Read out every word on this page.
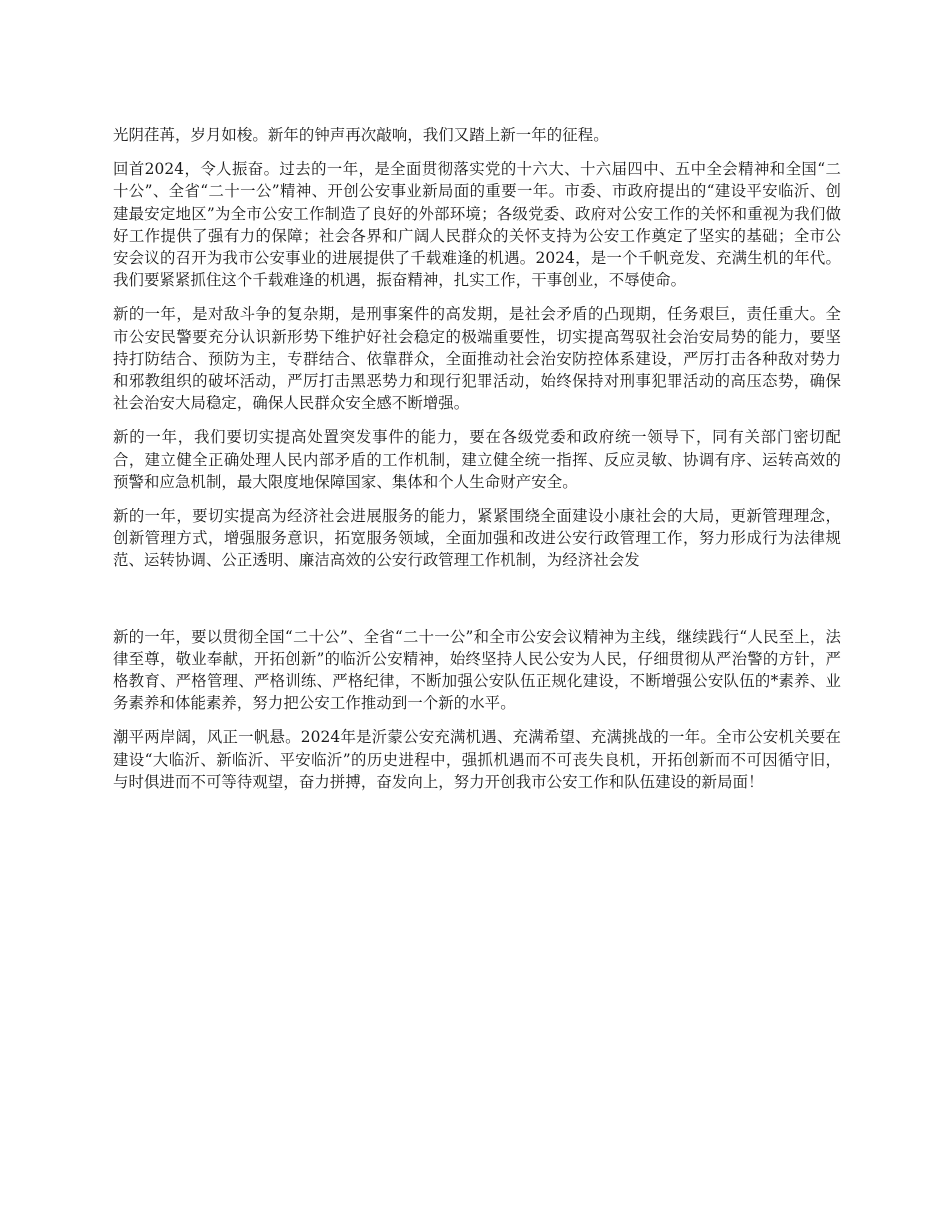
光阴荏苒，岁月如梭。新年的钟声再次敲响，我们又踏上新一年的征程。

回首2024，令人振奋。过去的一年，是全面贯彻落实党的十六大、十六届四中、五中全会精神和全国“二十公”、全省“二十一公”精神、开创公安事业新局面的重要一年。市委、市政府提出的“建设平安临沂、创建最安定地区”为全市公安工作制造了良好的外部环境；各级党委、政府对公安工作的关怀和重视为我们做好工作提供了强有力的保障；社会各界和广阔人民群众的关怀支持为公安工作奠定了坚实的基础；全市公安会议的召开为我市公安事业的进展提供了千载难逢的机遇。2024，是一个千帆竞发、充满生机的年代。我们要紧紧抓住这个千载难逢的机遇，振奋精神，扎实工作，干事创业，不辱使命。

新的一年，是对敌斗争的复杂期，是刑事案件的高发期，是社会矛盾的凸现期，任务艰巨，责任重大。全市公安民警要充分认识新形势下维护好社会稳定的极端重要性，切实提高驾驭社会治安局势的能力，要坚持打防结合、预防为主，专群结合、依靠群众，全面推动社会治安防控体系建设，严厉打击各种敌对势力和邪教组织的破坏活动，严厉打击黑恶势力和现行犯罪活动，始终保持对刑事犯罪活动的高压态势，确保社会治安大局稳定，确保人民群众安全感不断增强。

新的一年，我们要切实提高处置突发事件的能力，要在各级党委和政府统一领导下，同有关部门密切配合，建立健全正确处理人民内部矛盾的工作机制，建立健全统一指挥、反应灵敏、协调有序、运转高效的预警和应急机制，最大限度地保障国家、集体和个人生命财产安全。

新的一年，要切实提高为经济社会进展服务的能力，紧紧围绕全面建设小康社会的大局，更新管理理念，创新管理方式，增强服务意识，拓宽服务领域，全面加强和改进公安行政管理工作，努力形成行为法律规范、运转协调、公正透明、廉洁高效的公安行政管理工作机制，为经济社会发

新的一年，要以贯彻全国“二十公”、全省“二十一公”和全市公安会议精神为主线，继续践行“人民至上，法律至尊，敬业奉献，开拓创新”的临沂公安精神，始终坚持人民公安为人民，仔细贯彻从严治警的方针，严格教育、严格管理、严格训练、严格纪律，不断加强公安队伍正规化建设，不断增强公安队伍的*素养、业务素养和体能素养，努力把公安工作推动到一个新的水平。

潮平两岸阔，风正一帆悬。2024年是沂蒙公安充满机遇、充满希望、充满挑战的一年。全市公安机关要在建设“大临沂、新临沂、平安临沂”的历史进程中，强抓机遇而不可丧失良机，开拓创新而不可因循守旧，与时俱进而不可等待观望，奋力拼搏，奋发向上，努力开创我市公安工作和队伍建设的新局面！
